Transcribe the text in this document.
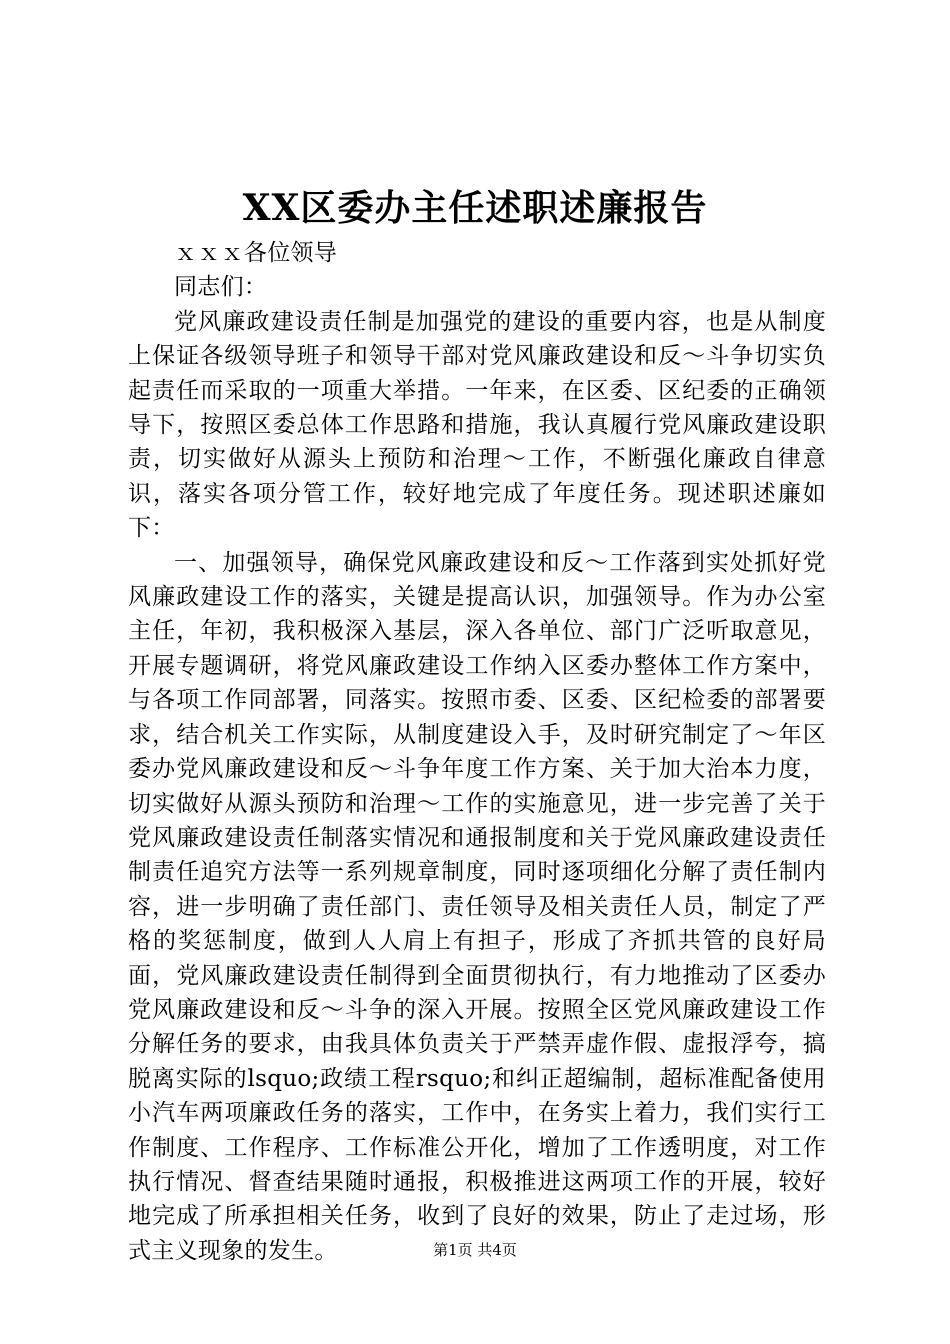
XX区委办主任述职述廉报告

ｘｘｘ各位领导

同志们：

党风廉政建设责任制是加强党的建设的重要内容，也是从制度上保证各级领导班子和领导干部对党风廉政建设和反～斗争切实负起责任而采取的一项重大举措。一年来，在区委、区纪委的正确领导下，按照区委总体工作思路和措施，我认真履行党风廉政建设职责，切实做好从源头上预防和治理～工作，不断强化廉政自律意识，落实各项分管工作，较好地完成了年度任务。现述职述廉如下：

一、加强领导，确保党风廉政建设和反～工作落到实处抓好党风廉政建设工作的落实，关键是提高认识，加强领导。作为办公室主任，年初，我积极深入基层，深入各单位、部门广泛听取意见，开展专题调研，将党风廉政建设工作纳入区委办整体工作方案中，与各项工作同部署，同落实。按照市委、区委、区纪检委的部署要求，结合机关工作实际，从制度建设入手，及时研究制定了～年区委办党风廉政建设和反～斗争年度工作方案、关于加大治本力度，切实做好从源头预防和治理～工作的实施意见，进一步完善了关于党风廉政建设责任制落实情况和通报制度和关于党风廉政建设责任制责任追究方法等一系列规章制度，同时逐项细化分解了责任制内容，进一步明确了责任部门、责任领导及相关责任人员，制定了严格的奖惩制度，做到人人肩上有担子，形成了齐抓共管的良好局面，党风廉政建设责任制得到全面贯彻执行，有力地推动了区委办党风廉政建设和反～斗争的深入开展。按照全区党风廉政建设工作分解任务的要求，由我具体负责关于严禁弄虚作假、虚报浮夸，搞脱离实际的lsquo;政绩工程rsquo;和纠正超编制，超标准配备使用小汽车两项廉政任务的落实，工作中，在务实上着力，我们实行工作制度、工作程序、工作标准公开化，增加了工作透明度，对工作执行情况、督查结果随时通报，积极推进这两项工作的开展，较好地完成了所承担相关任务，收到了良好的效果，防止了走过场，形式主义现象的发生。	第1页 共4页
